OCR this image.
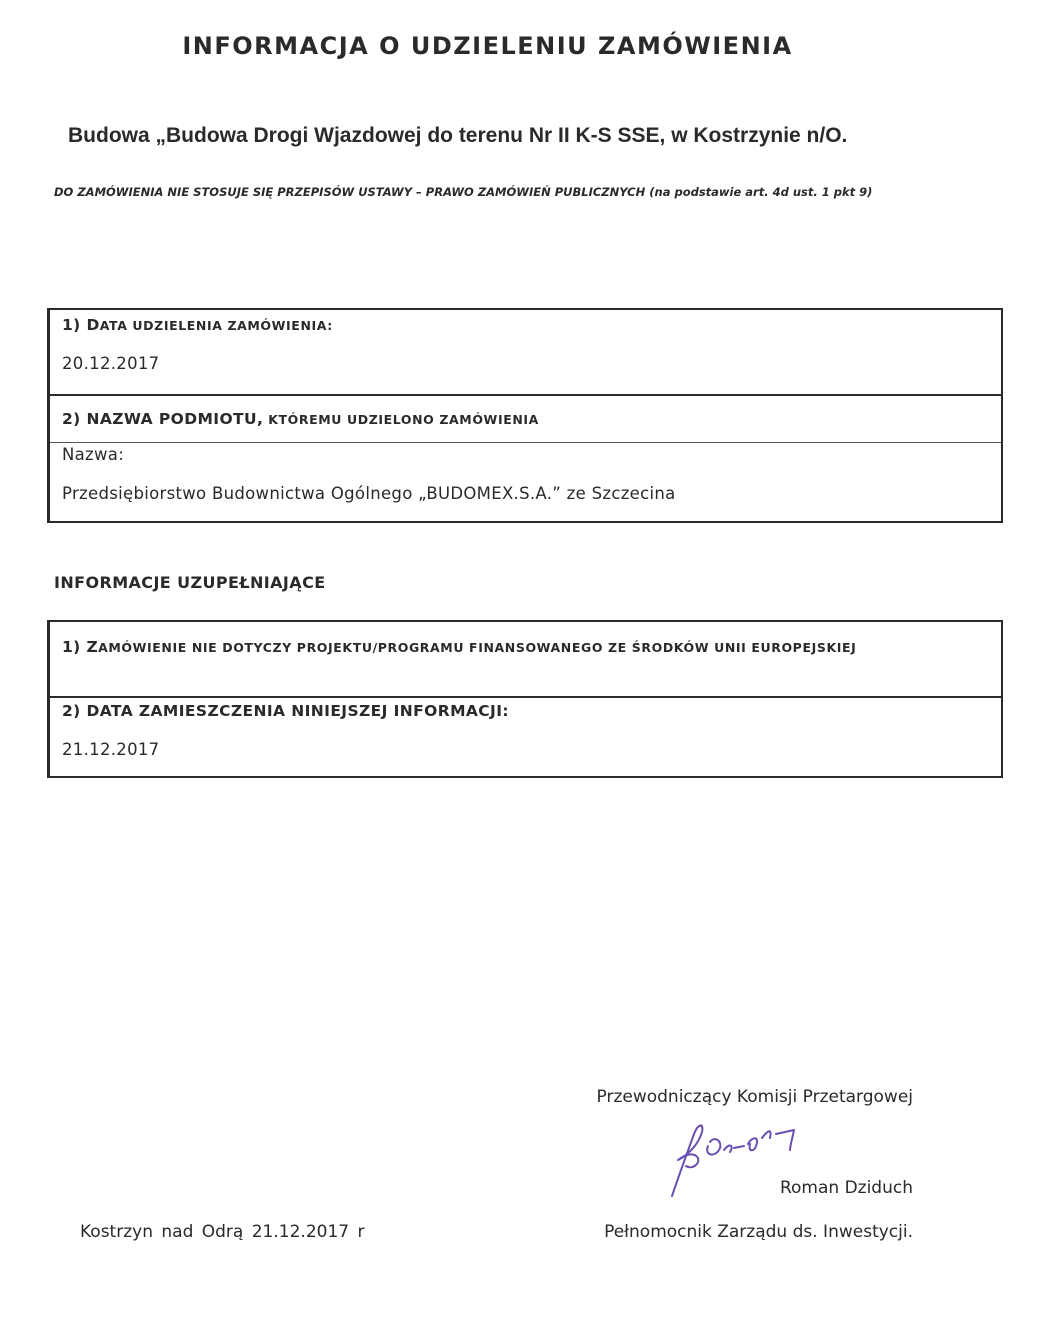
INFORMACJA O UDZIELENIU ZAMÓWIENIA
Budowa „Budowa Drogi Wjazdowej do terenu Nr II K-S SSE, w Kostrzynie n/O.
DO ZAMÓWIENIA NIE STOSUJE SIĘ PRZEPISÓW USTAWY – PRAWO ZAMÓWIEŃ PUBLICZNYCH (na podstawie art. 4d ust. 1 pkt 9)
1) DATA UDZIELENIA ZAMÓWIENIA:
20.12.2017
2) NAZWA PODMIOTU, KTÓREMU UDZIELONO ZAMÓWIENIA
Nazwa:
Przedsiębiorstwo Budownictwa Ogólnego „BUDOMEX.S.A.” ze Szczecina
INFORMACJE UZUPEŁNIAJĄCE
1) ZAMÓWIENIE NIE DOTYCZY PROJEKTU/PROGRAMU FINANSOWANEGO ZE ŚRODKÓW UNII EUROPEJSKIEJ
2) DATA ZAMIESZCZENIA NINIEJSZEJ INFORMACJI:
21.12.2017
Przewodniczący Komisji Przetargowej
Roman Dziduch
Kostrzyn nad Odrą 21.12.2017 r	Pełnomocnik Zarządu ds. Inwestycji.
